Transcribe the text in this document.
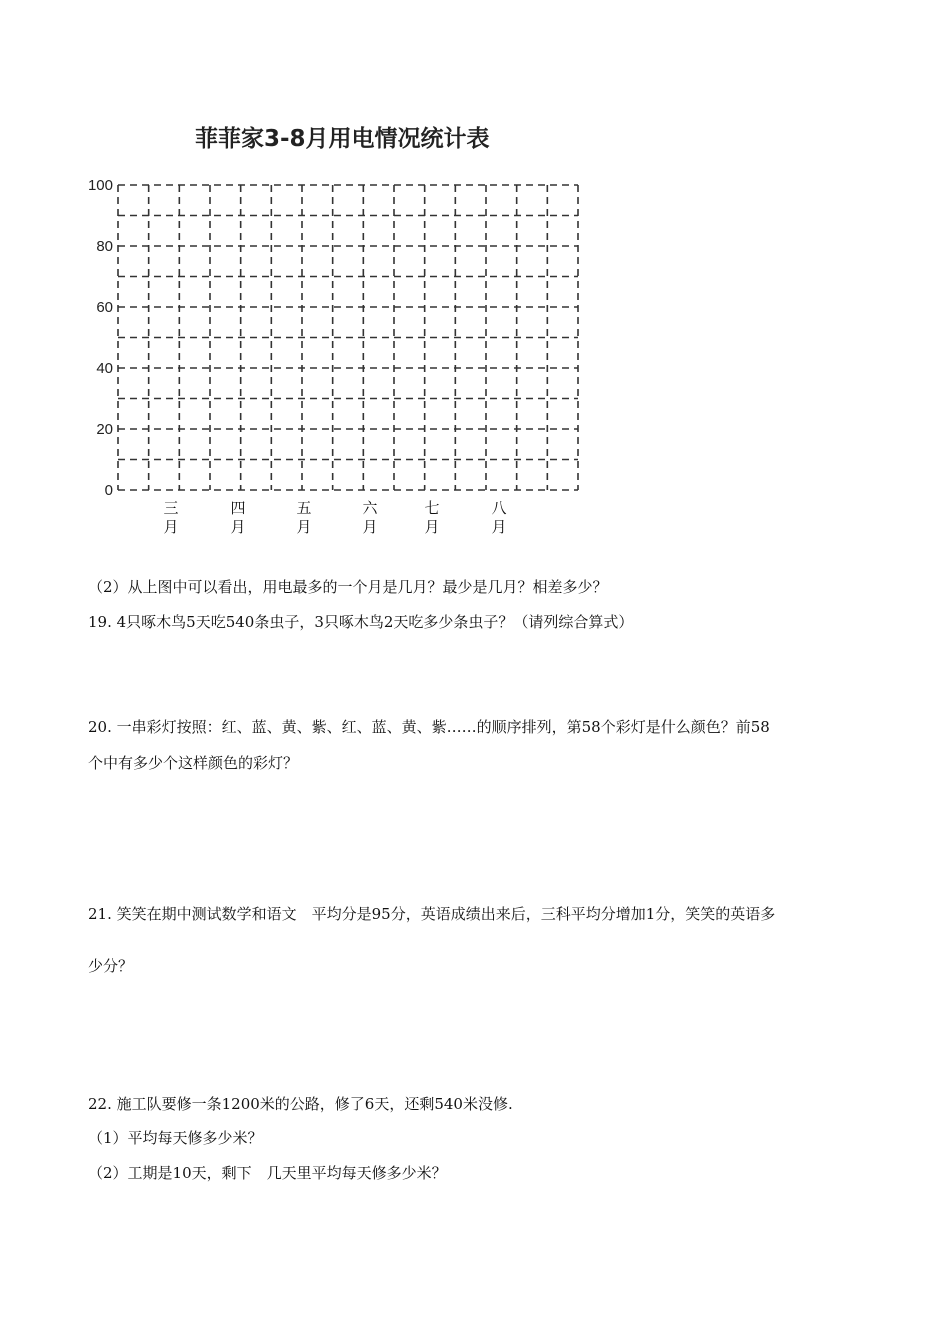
菲菲家3-8月用电情况统计表
0
20
40
60
80
100
三
月
四
月
五
月
六
月
七
月
八
月
（2）从上图中可以看出，用电最多的一个月是几月？最少是几月？相差多少？
19. 4只啄木鸟5天吃540条虫子，3只啄木鸟2天吃多少条虫子？（请列综合算式）
20. 一串彩灯按照：红、蓝、黄、紫、红、蓝、黄、紫……的顺序排列，第58个彩灯是什么颜色？前58
个中有多少个这样颜色的彩灯？
21. 笑笑在期中测试数学和语文　平均分是95分，英语成绩出来后，三科平均分增加1分，笑笑的英语多
少分？
22. 施工队要修一条1200米的公路，修了6天，还剩540米没修.
（1）平均每天修多少米？
（2）工期是10天，剩下　几天里平均每天修多少米？
